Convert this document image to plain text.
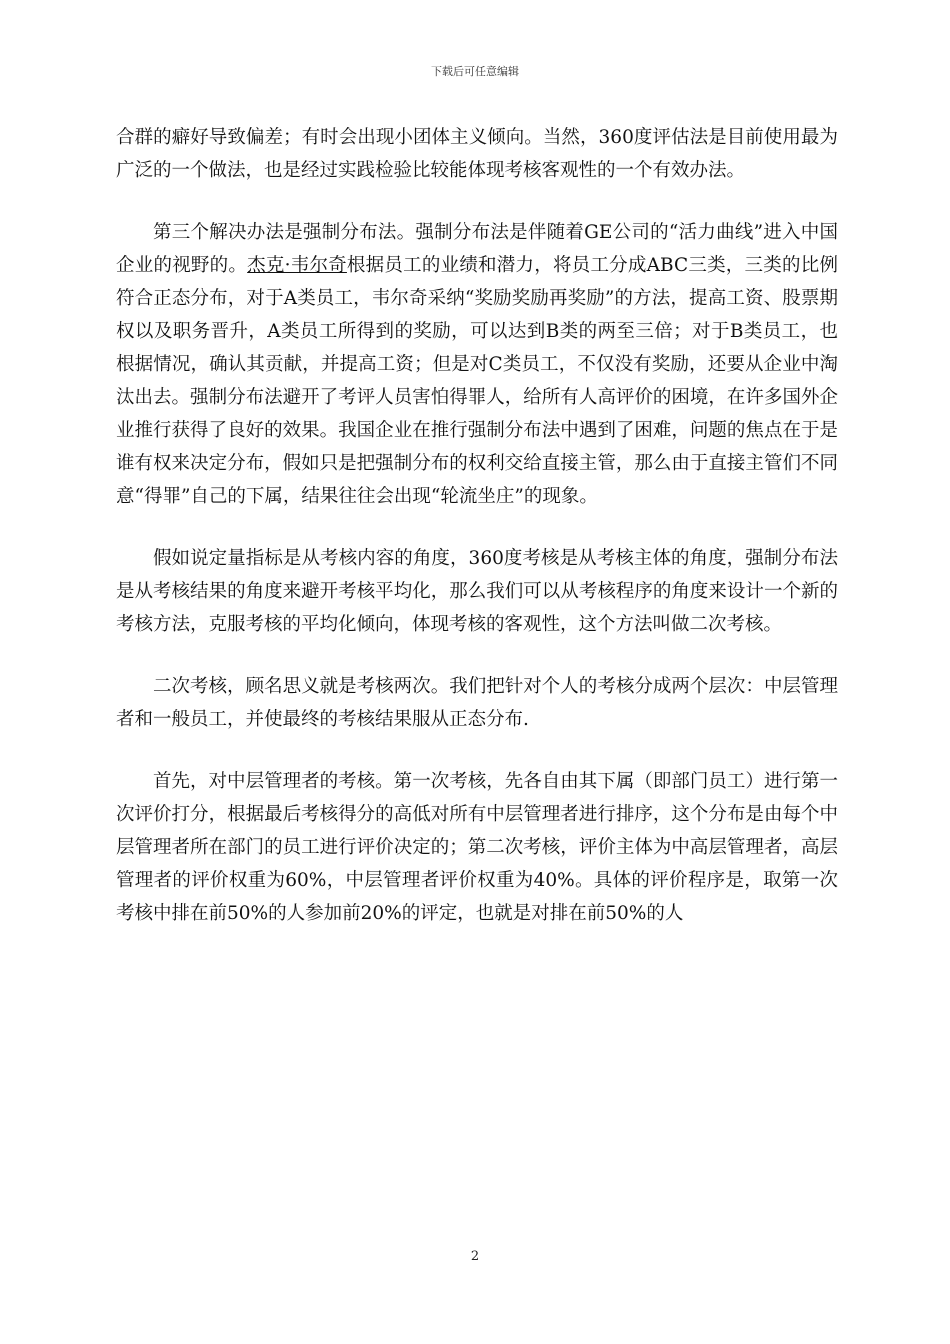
下载后可任意编辑

合群的癖好导致偏差；有时会出现小团体主义倾向。当然，360度评估法是目前使用最为广泛的一个做法，也是经过实践检验比较能体现考核客观性的一个有效办法。

第三个解决办法是强制分布法。强制分布法是伴随着GE公司的“活力曲线”进入中国企业的视野的。杰克·韦尔奇根据员工的业绩和潜力，将员工分成ABC三类，三类的比例符合正态分布，对于A类员工，韦尔奇采纳“奖励奖励再奖励”的方法，提高工资、股票期权以及职务晋升，A类员工所得到的奖励，可以达到B类的两至三倍；对于B类员工，也根据情况，确认其贡献，并提高工资；但是对C类员工，不仅没有奖励，还要从企业中淘汰出去。强制分布法避开了考评人员害怕得罪人，给所有人高评价的困境，在许多国外企业推行获得了良好的效果。我国企业在推行强制分布法中遇到了困难，问题的焦点在于是谁有权来决定分布，假如只是把强制分布的权利交给直接主管，那么由于直接主管们不同意“得罪”自己的下属，结果往往会出现“轮流坐庄”的现象。

假如说定量指标是从考核内容的角度，360度考核是从考核主体的角度，强制分布法是从考核结果的角度来避开考核平均化，那么我们可以从考核程序的角度来设计一个新的考核方法，克服考核的平均化倾向，体现考核的客观性，这个方法叫做二次考核。

二次考核，顾名思义就是考核两次。我们把针对个人的考核分成两个层次：中层管理者和一般员工，并使最终的考核结果服从正态分布.

首先，对中层管理者的考核。第一次考核，先各自由其下属（即部门员工）进行第一次评价打分，根据最后考核得分的高低对所有中层管理者进行排序，这个分布是由每个中层管理者所在部门的员工进行评价决定的；第二次考核，评价主体为中高层管理者，高层管理者的评价权重为60%，中层管理者评价权重为40%。具体的评价程序是，取第一次考核中排在前50%的人参加前20%的评定，也就是对排在前50%的人

2
